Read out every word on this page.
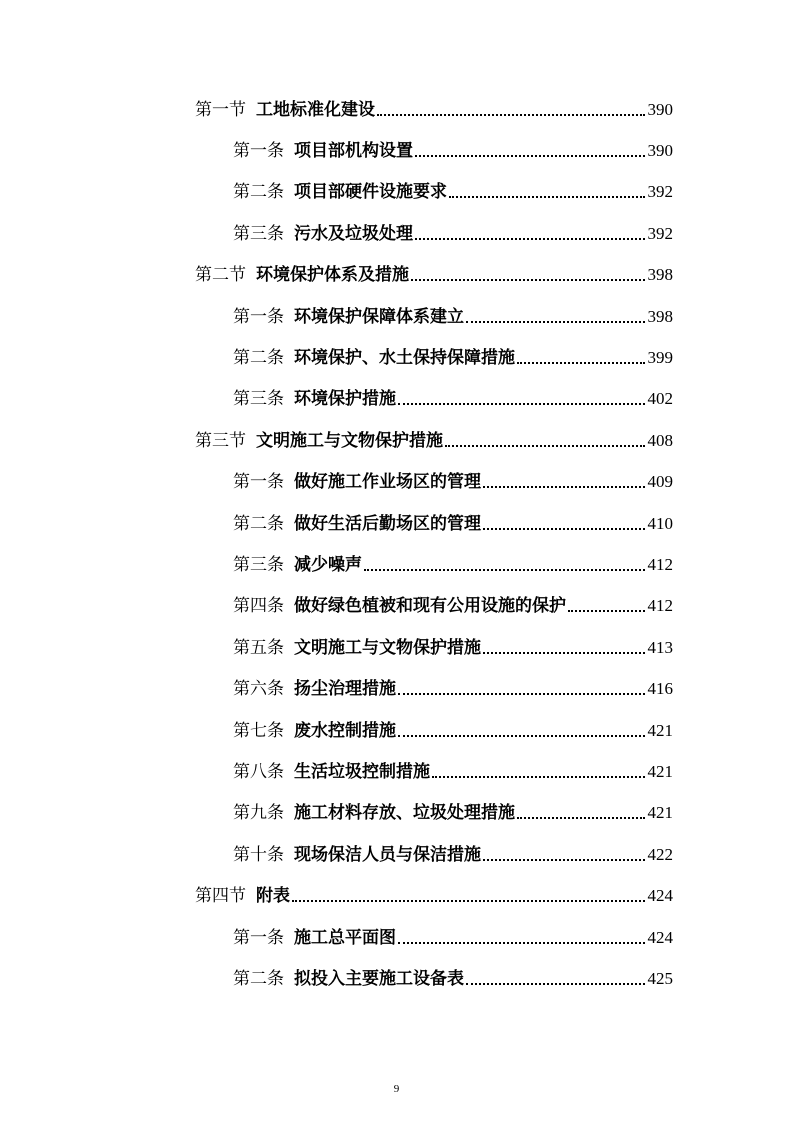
第一节 工地标准化建设	390
第一条 项目部机构设置	390
第二条 项目部硬件设施要求	392
第三条 污水及垃圾处理	392
第二节 环境保护体系及措施	398
第一条 环境保护保障体系建立	398
第二条 环境保护、水土保持保障措施	399
第三条 环境保护措施	402
第三节 文明施工与文物保护措施	408
第一条 做好施工作业场区的管理	409
第二条 做好生活后勤场区的管理	410
第三条 减少噪声	412
第四条 做好绿色植被和现有公用设施的保护	412
第五条 文明施工与文物保护措施	413
第六条 扬尘治理措施	416
第七条 废水控制措施	421
第八条 生活垃圾控制措施	421
第九条 施工材料存放、垃圾处理措施	421
第十条 现场保洁人员与保洁措施	422
第四节 附表	424
第一条 施工总平面图	424
第二条 拟投入主要施工设备表	425
9
